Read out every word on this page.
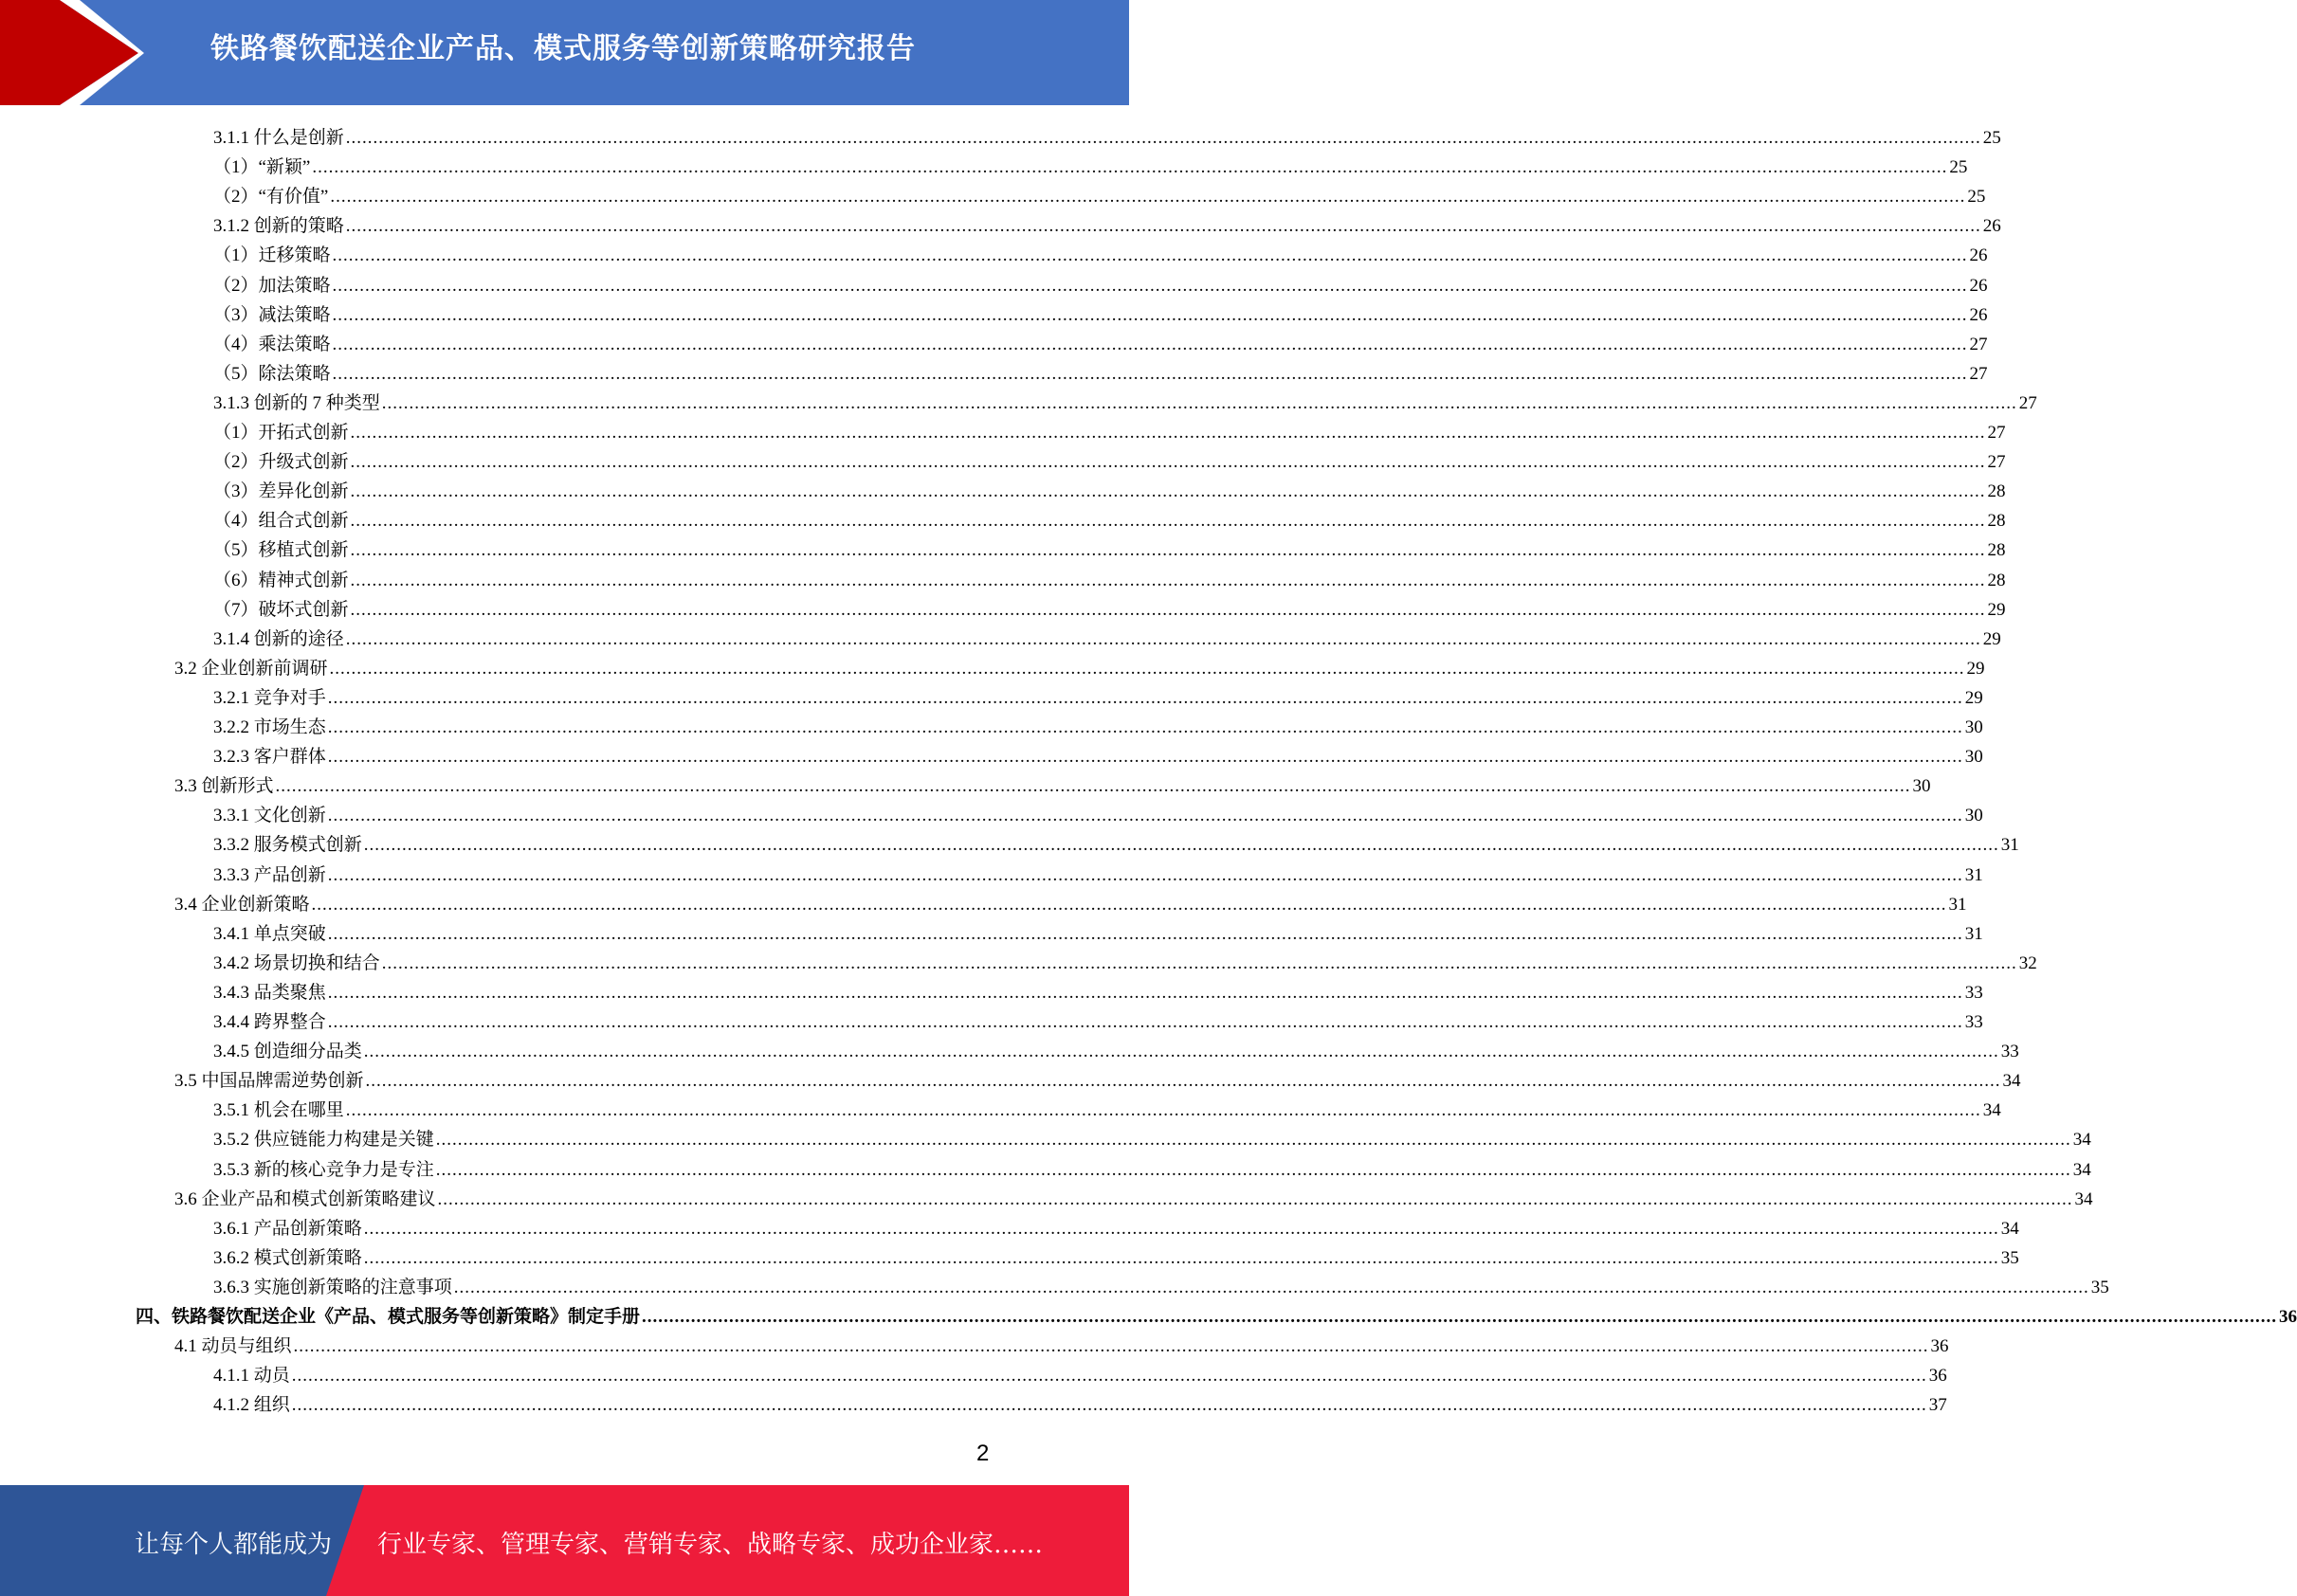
铁路餐饮配送企业产品、模式服务等创新策略研究报告
3.1.1 什么是创新 ............................................................................................................................................................................................................................................................................................................ 25
（1）“新颖” ............................................................................................................................................................................................................................................................................................................ 25
（2）“有价值” ............................................................................................................................................................................................................................................................................................................ 25
3.1.2 创新的策略 ............................................................................................................................................................................................................................................................................................................ 26
（1）迁移策略 ............................................................................................................................................................................................................................................................................................................ 26
（2）加法策略 ............................................................................................................................................................................................................................................................................................................ 26
（3）减法策略 ............................................................................................................................................................................................................................................................................................................ 26
（4）乘法策略 ............................................................................................................................................................................................................................................................................................................ 27
（5）除法策略 ............................................................................................................................................................................................................................................................................................................ 27
3.1.3 创新的 7 种类型 ............................................................................................................................................................................................................................................................................................................ 27
（1）开拓式创新 ............................................................................................................................................................................................................................................................................................................ 27
（2）升级式创新 ............................................................................................................................................................................................................................................................................................................ 27
（3）差异化创新 ............................................................................................................................................................................................................................................................................................................ 28
（4）组合式创新 ............................................................................................................................................................................................................................................................................................................ 28
（5）移植式创新 ............................................................................................................................................................................................................................................................................................................ 28
（6）精神式创新 ............................................................................................................................................................................................................................................................................................................ 28
（7）破坏式创新 ............................................................................................................................................................................................................................................................................................................ 29
3.1.4 创新的途径 ............................................................................................................................................................................................................................................................................................................ 29
3.2 企业创新前调研 ............................................................................................................................................................................................................................................................................................................ 29
3.2.1 竞争对手 ............................................................................................................................................................................................................................................................................................................ 29
3.2.2 市场生态 ............................................................................................................................................................................................................................................................................................................ 30
3.2.3 客户群体 ............................................................................................................................................................................................................................................................................................................ 30
3.3 创新形式 ............................................................................................................................................................................................................................................................................................................ 30
3.3.1 文化创新 ............................................................................................................................................................................................................................................................................................................ 30
3.3.2 服务模式创新 ............................................................................................................................................................................................................................................................................................................ 31
3.3.3 产品创新 ............................................................................................................................................................................................................................................................................................................ 31
3.4 企业创新策略 ............................................................................................................................................................................................................................................................................................................ 31
3.4.1 单点突破 ............................................................................................................................................................................................................................................................................................................ 31
3.4.2 场景切换和结合 ............................................................................................................................................................................................................................................................................................................ 32
3.4.3 品类聚焦 ............................................................................................................................................................................................................................................................................................................ 33
3.4.4 跨界整合 ............................................................................................................................................................................................................................................................................................................ 33
3.4.5 创造细分品类 ............................................................................................................................................................................................................................................................................................................ 33
3.5 中国品牌需逆势创新 ............................................................................................................................................................................................................................................................................................................ 34
3.5.1 机会在哪里 ............................................................................................................................................................................................................................................................................................................ 34
3.5.2 供应链能力构建是关键 ............................................................................................................................................................................................................................................................................................................ 34
3.5.3 新的核心竞争力是专注 ............................................................................................................................................................................................................................................................................................................ 34
3.6 企业产品和模式创新策略建议 ............................................................................................................................................................................................................................................................................................................ 34
3.6.1 产品创新策略 ............................................................................................................................................................................................................................................................................................................ 34
3.6.2 模式创新策略 ............................................................................................................................................................................................................................................................................................................ 35
3.6.3 实施创新策略的注意事项 ............................................................................................................................................................................................................................................................................................................ 35
四、铁路餐饮配送企业《产品、模式服务等创新策略》制定手册 ............................................................................................................................................................................................................................................................................................................ 36
4.1 动员与组织 ............................................................................................................................................................................................................................................................................................................ 36
4.1.1 动员 ............................................................................................................................................................................................................................................................................................................ 36
4.1.2 组织 ............................................................................................................................................................................................................................................................................................................ 37
2
让每个人都能成为 行业专家、管理专家、营销专家、战略专家、成功企业家……
